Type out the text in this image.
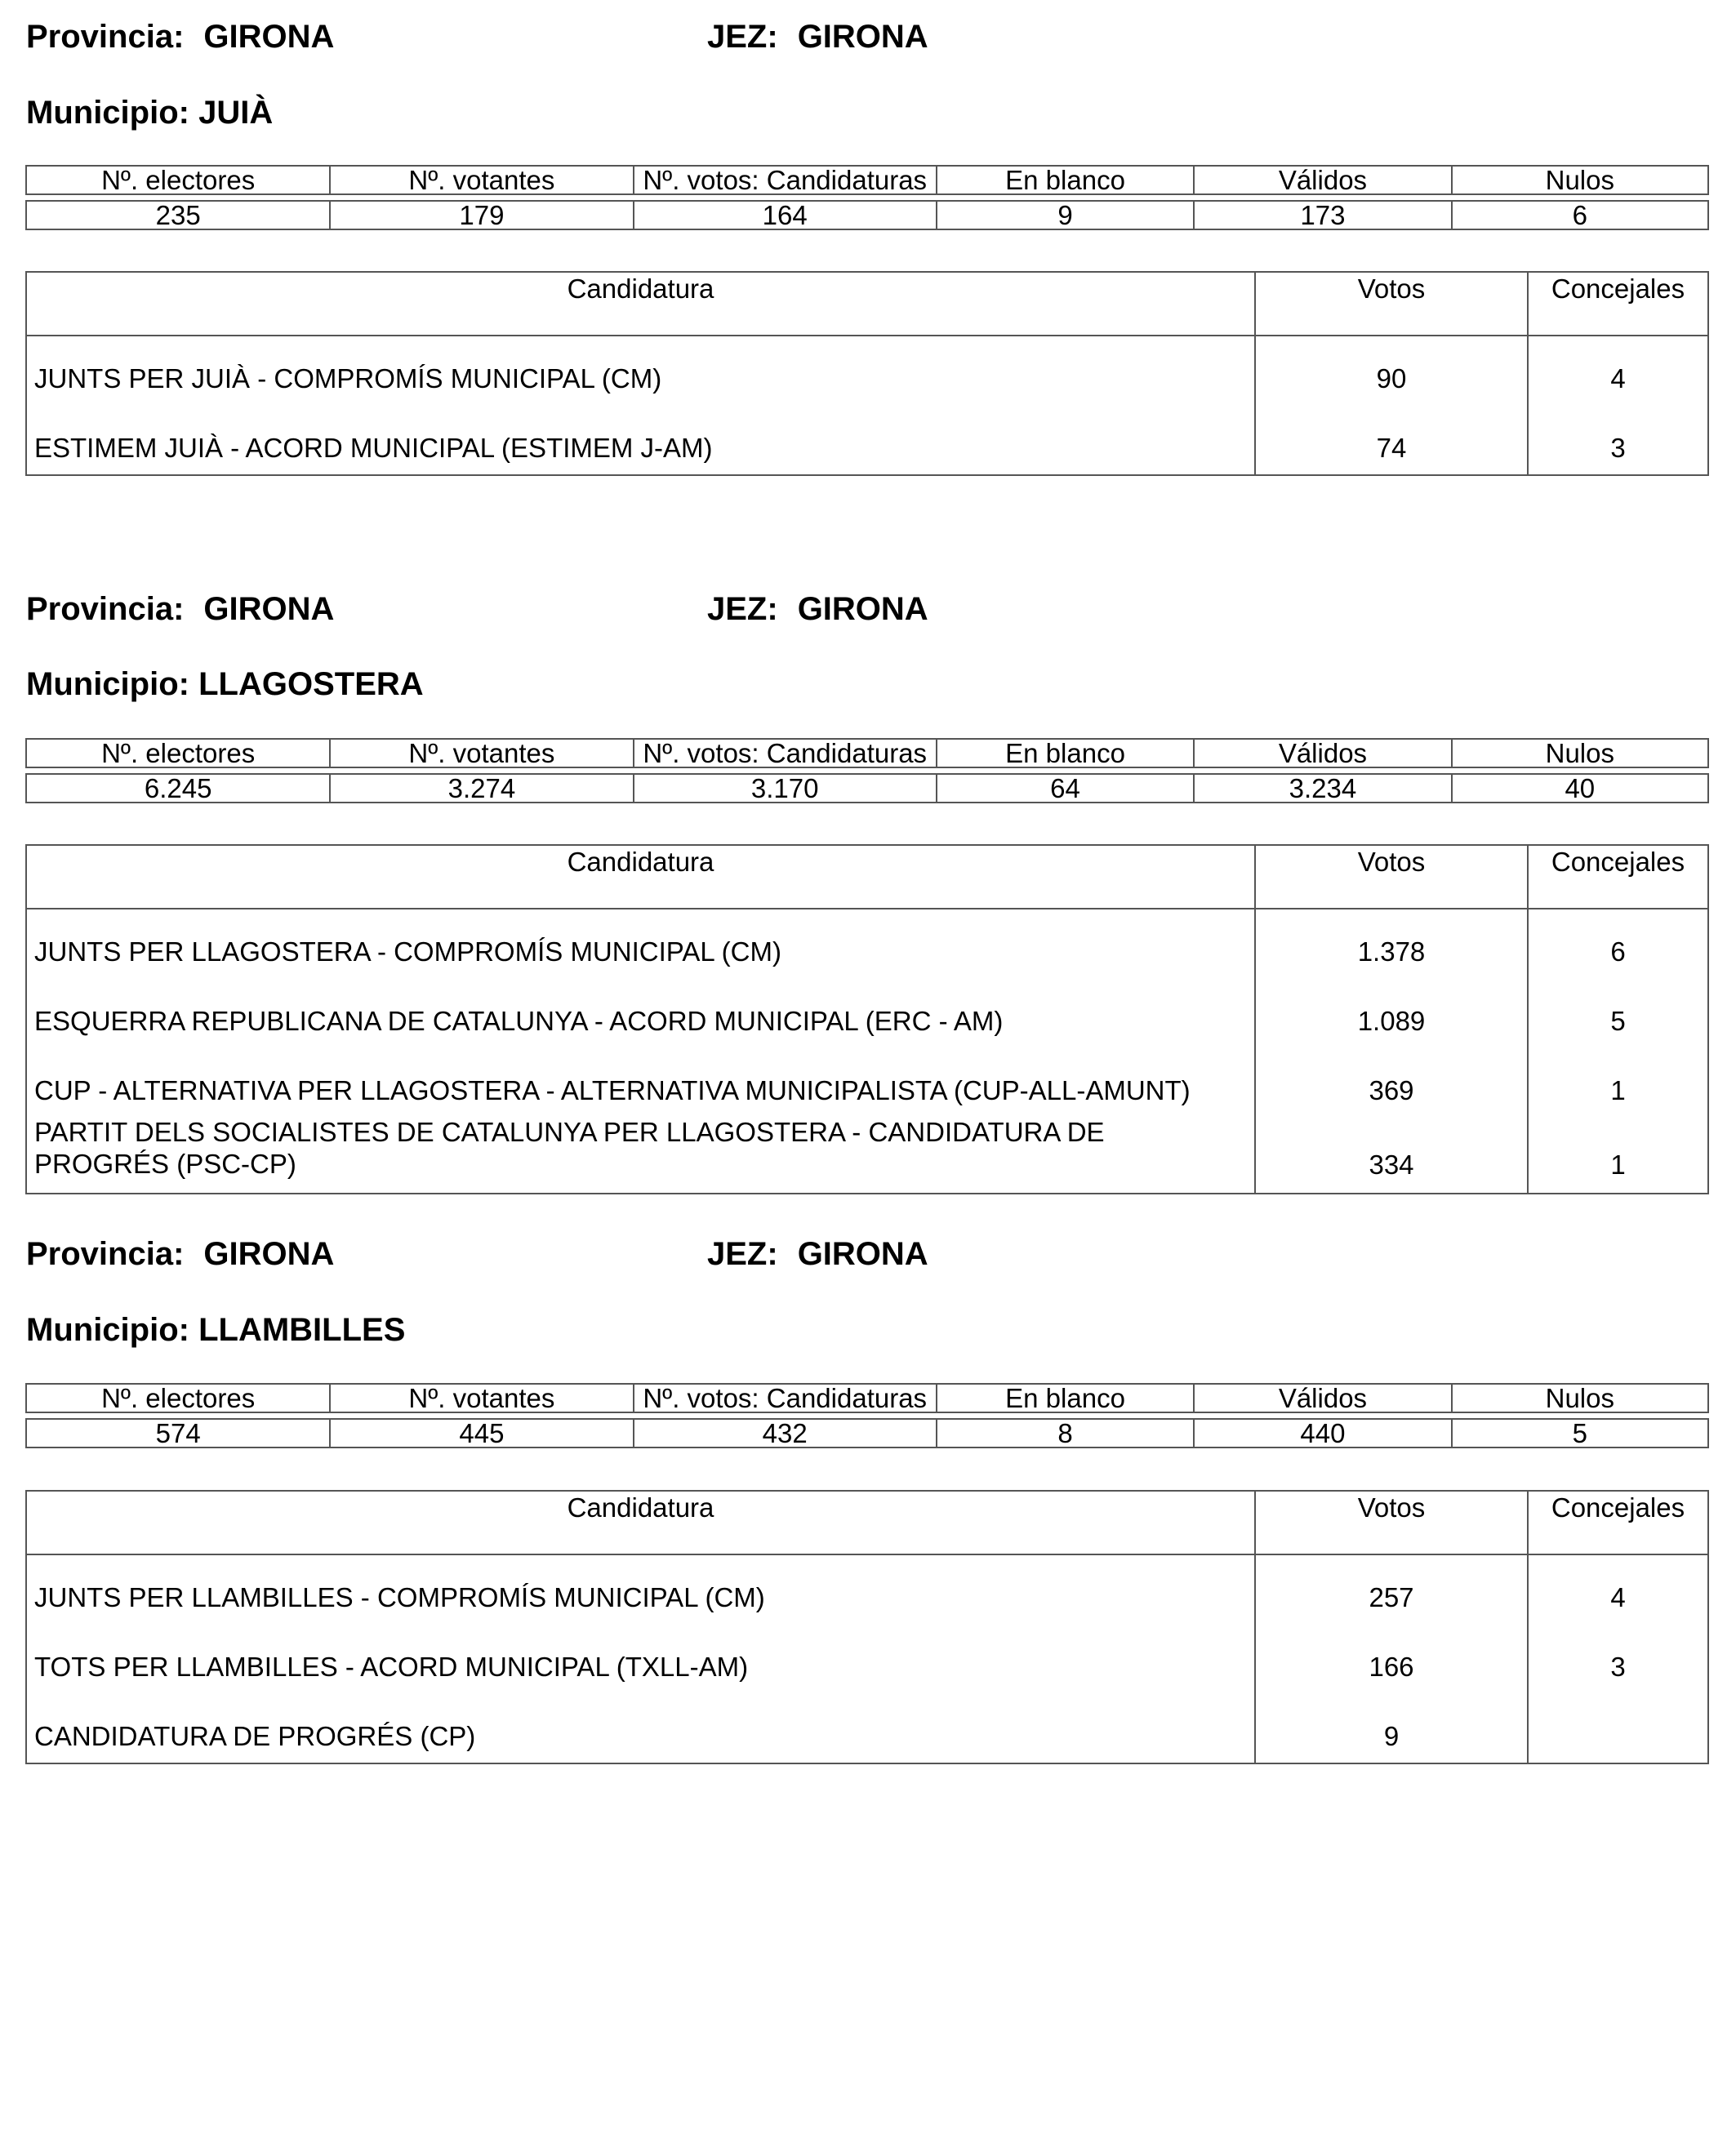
Provincia: GIRONA	JEZ: GIRONA
Municipio: JUIÀ
Nº. electores	Nº. votantes	Nº. votos: Candidaturas	En blanco	Válidos	Nulos
235	179	164	9	173	6
Candidatura	Votos	Concejales
JUNTS PER JUIÀ - COMPROMÍS MUNICIPAL (CM)	90	4
ESTIMEM JUIÀ - ACORD MUNICIPAL (ESTIMEM J-AM)	74	3
Provincia: GIRONA	JEZ: GIRONA
Municipio: LLAGOSTERA
Nº. electores	Nº. votantes	Nº. votos: Candidaturas	En blanco	Válidos	Nulos
6.245	3.274	3.170	64	3.234	40
Candidatura	Votos	Concejales
JUNTS PER LLAGOSTERA - COMPROMÍS MUNICIPAL (CM)	1.378	6
ESQUERRA REPUBLICANA DE CATALUNYA - ACORD MUNICIPAL (ERC - AM)	1.089	5
CUP - ALTERNATIVA PER LLAGOSTERA - ALTERNATIVA MUNICIPALISTA (CUP-ALL-AMUNT)	369	1
PARTIT DELS SOCIALISTES DE CATALUNYA PER LLAGOSTERA - CANDIDATURA DE PROGRÉS (PSC-CP)	334	1
Provincia: GIRONA	JEZ: GIRONA
Municipio: LLAMBILLES
Nº. electores	Nº. votantes	Nº. votos: Candidaturas	En blanco	Válidos	Nulos
574	445	432	8	440	5
Candidatura	Votos	Concejales
JUNTS PER LLAMBILLES - COMPROMÍS MUNICIPAL (CM)	257	4
TOTS PER LLAMBILLES - ACORD MUNICIPAL (TXLL-AM)	166	3
CANDIDATURA DE PROGRÉS (CP)	9
